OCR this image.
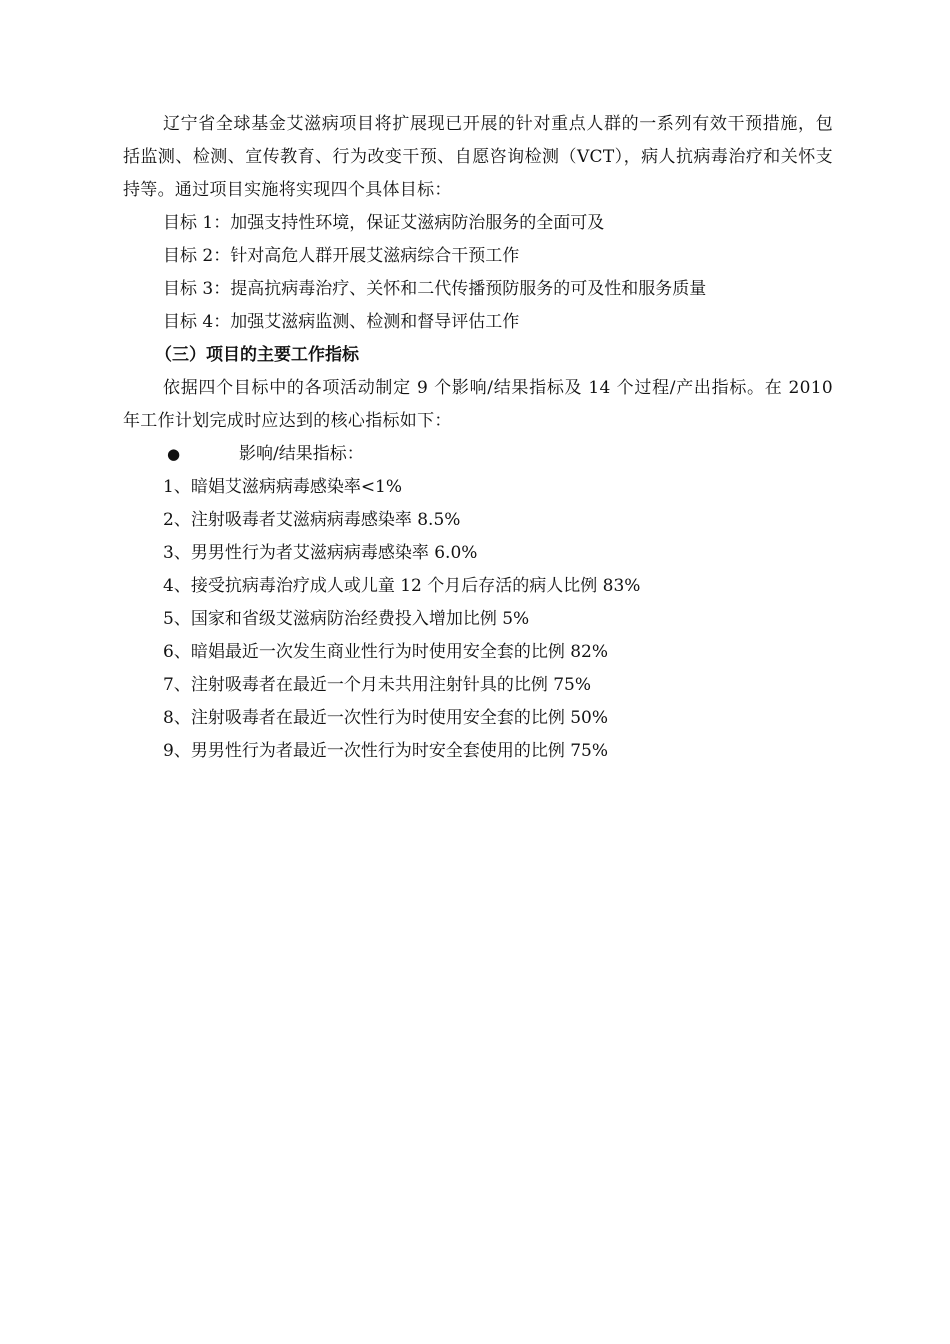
辽宁省全球基金艾滋病项目将扩展现已开展的针对重点人群的一系列有效干预措施，包括监测、检测、宣传教育、行为改变干预、自愿咨询检测（VCT），病人抗病毒治疗和关怀支持等。通过项目实施将实现四个具体目标：

目标 1：加强支持性环境，保证艾滋病防治服务的全面可及

目标 2：针对高危人群开展艾滋病综合干预工作

目标 3：提高抗病毒治疗、关怀和二代传播预防服务的可及性和服务质量

目标 4：加强艾滋病监测、检测和督导评估工作

（三）项目的主要工作指标

依据四个目标中的各项活动制定 9 个影响/结果指标及 14 个过程/产出指标。在 2010 年工作计划完成时应达到的核心指标如下：

●	影响/结果指标：

1、暗娼艾滋病病毒感染率<1%

2、注射吸毒者艾滋病病毒感染率 8.5%

3、男男性行为者艾滋病病毒感染率 6.0%

4、接受抗病毒治疗成人或儿童 12 个月后存活的病人比例 83%

5、国家和省级艾滋病防治经费投入增加比例 5%

6、暗娼最近一次发生商业性行为时使用安全套的比例 82%

7、注射吸毒者在最近一个月未共用注射针具的比例 75%

8、注射吸毒者在最近一次性行为时使用安全套的比例 50%

9、男男性行为者最近一次性行为时安全套使用的比例 75%
